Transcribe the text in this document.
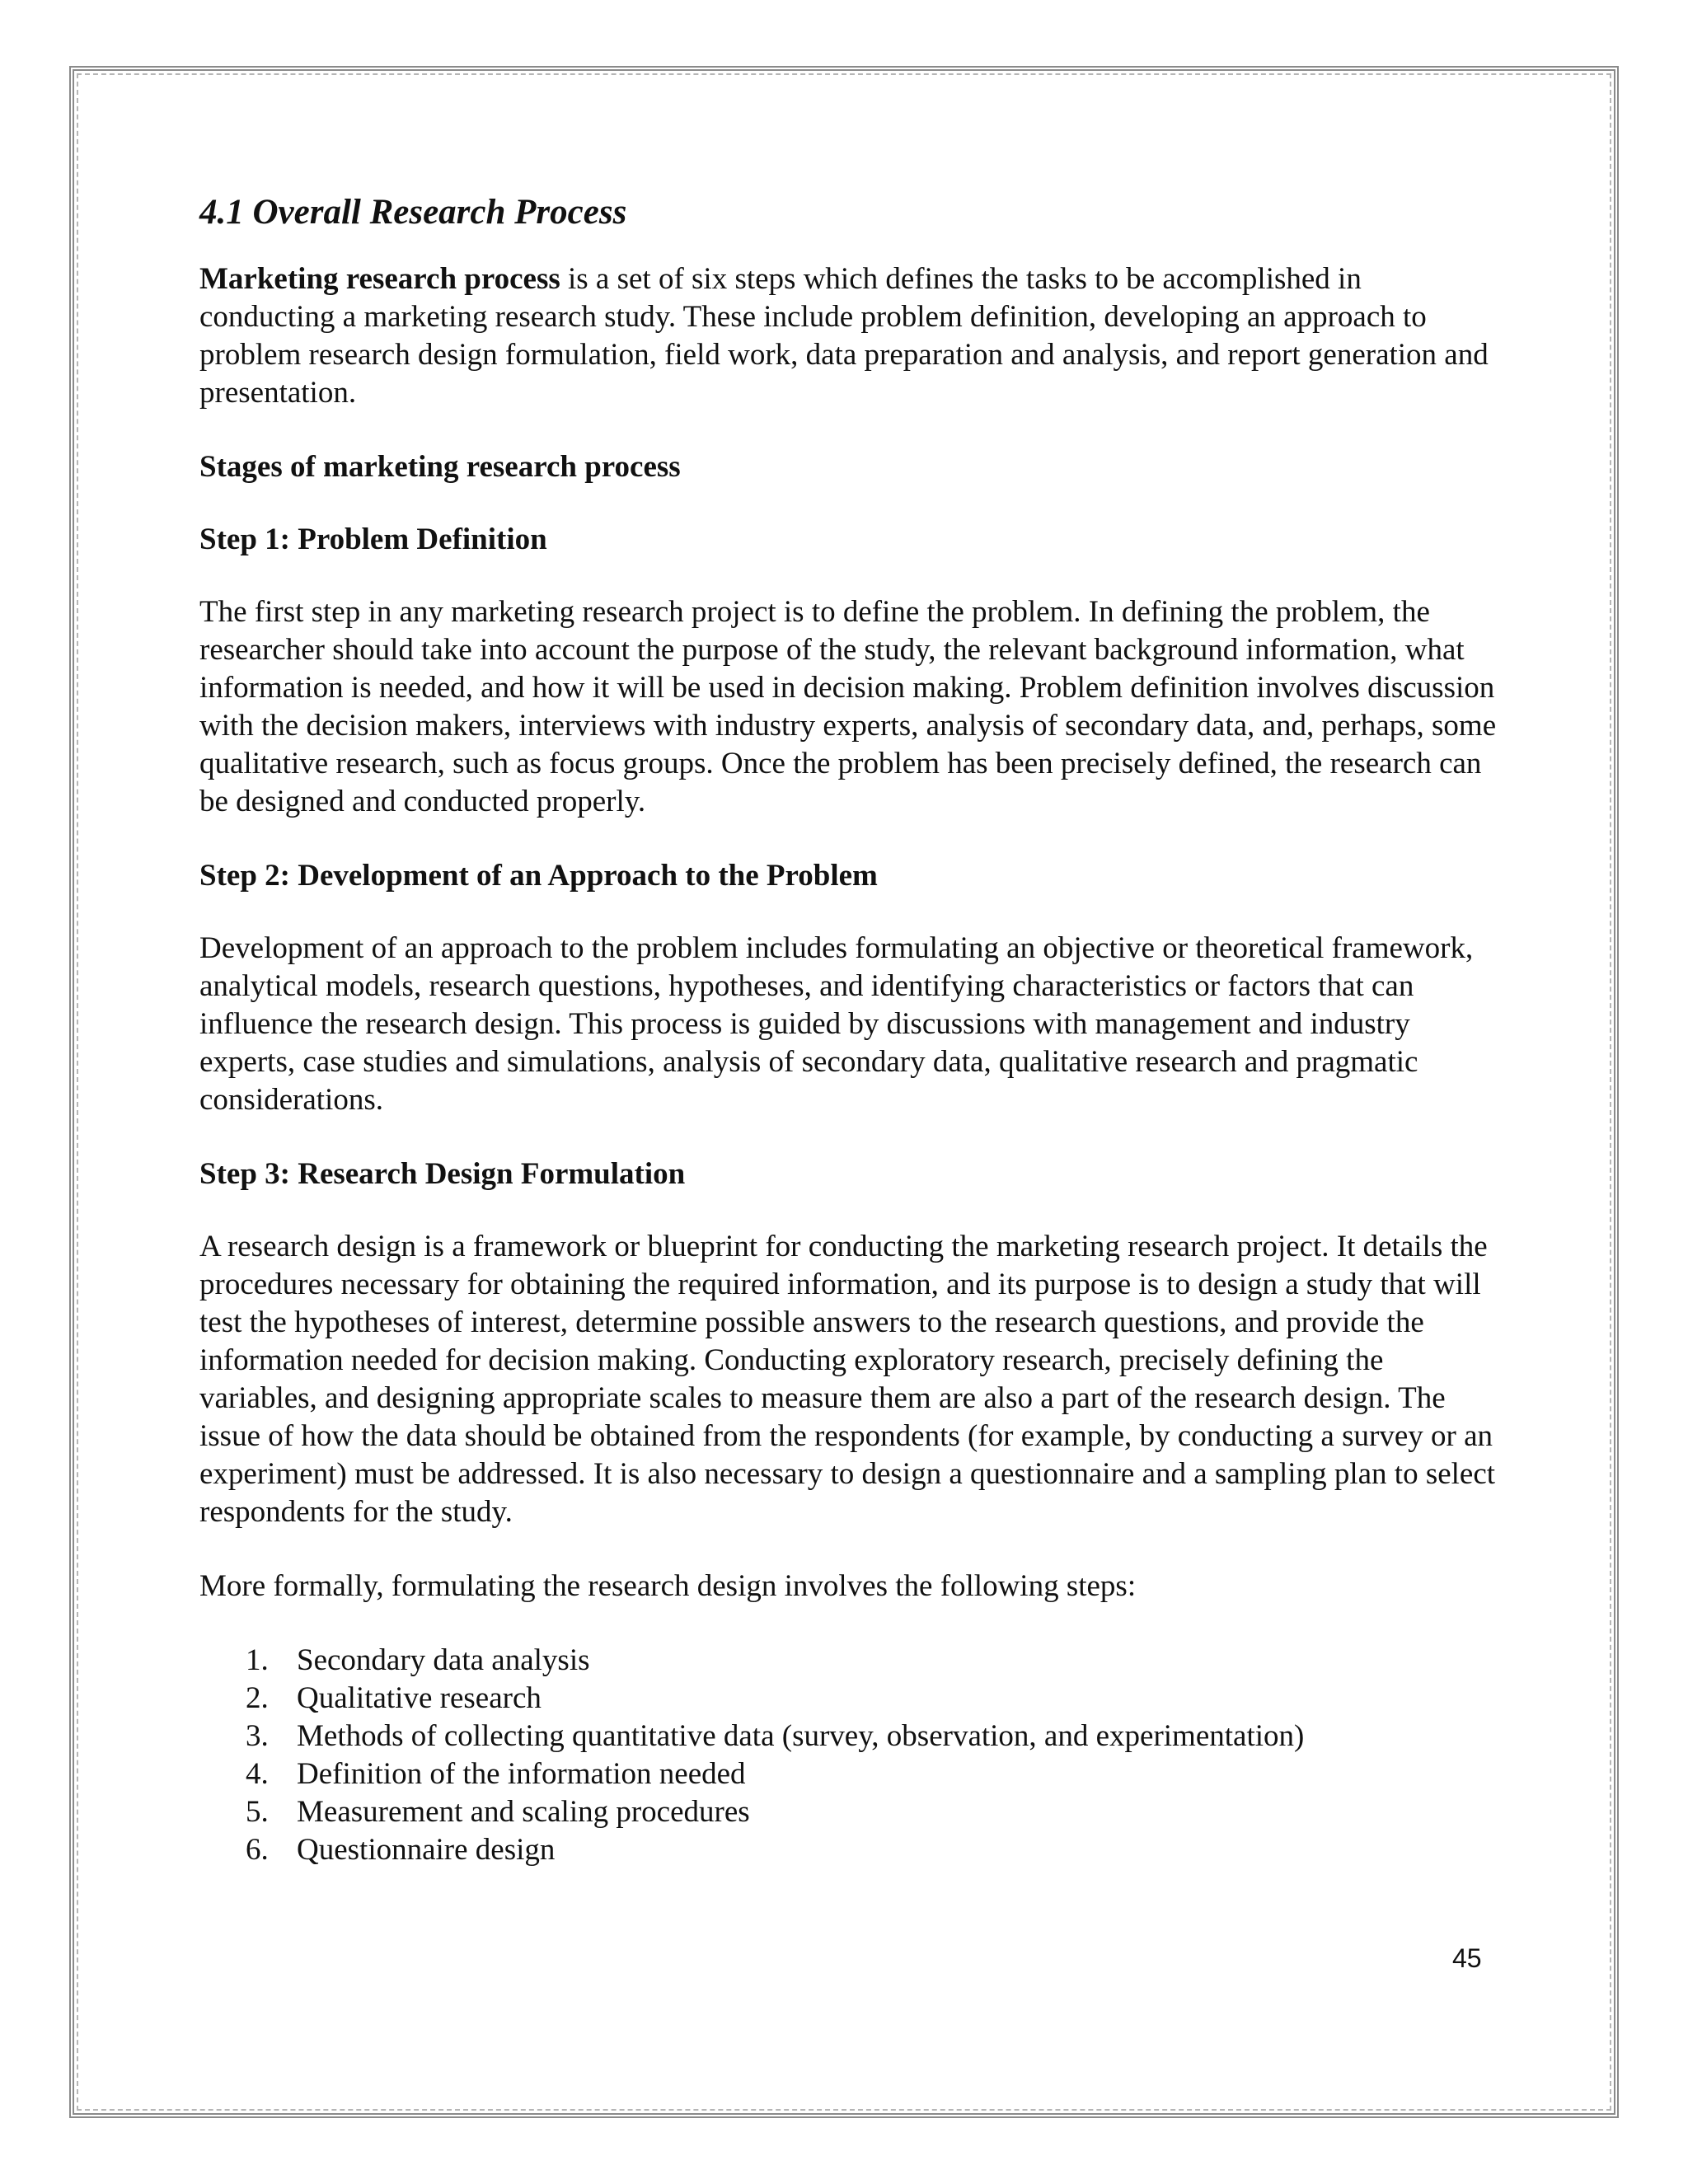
4.1 Overall Research Process

Marketing research process is a set of six steps which defines the tasks to be accomplished in conducting a marketing research study. These include problem definition, developing an approach to problem research design formulation, field work, data preparation and analysis, and report generation and presentation.

Stages of marketing research process
Step 1: Problem Definition

The first step in any marketing research project is to define the problem. In defining the problem, the researcher should take into account the purpose of the study, the relevant background information, what information is needed, and how it will be used in decision making. Problem definition involves discussion with the decision makers, interviews with industry experts, analysis of secondary data, and, perhaps, some qualitative research, such as focus groups. Once the problem has been precisely defined, the research can be designed and conducted properly.

Step 2: Development of an Approach to the Problem

Development of an approach to the problem includes formulating an objective or theoretical framework, analytical models, research questions, hypotheses, and identifying characteristics or factors that can influence the research design. This process is guided by discussions with management and industry experts, case studies and simulations, analysis of secondary data, qualitative research and pragmatic considerations.

Step 3: Research Design Formulation

A research design is a framework or blueprint for conducting the marketing research project. It details the procedures necessary for obtaining the required information, and its purpose is to design a study that will test the hypotheses of interest, determine possible answers to the research questions, and provide the information needed for decision making. Conducting exploratory research, precisely defining the variables, and designing appropriate scales to measure them are also a part of the research design. The issue of how the data should be obtained from the respondents (for example, by conducting a survey or an experiment) must be addressed. It is also necessary to design a questionnaire and a sampling plan to select respondents for the study.

More formally, formulating the research design involves the following steps:

1. Secondary data analysis
2. Qualitative research
3. Methods of collecting quantitative data (survey, observation, and experimentation)
4. Definition of the information needed
5. Measurement and scaling procedures
6. Questionnaire design
45
